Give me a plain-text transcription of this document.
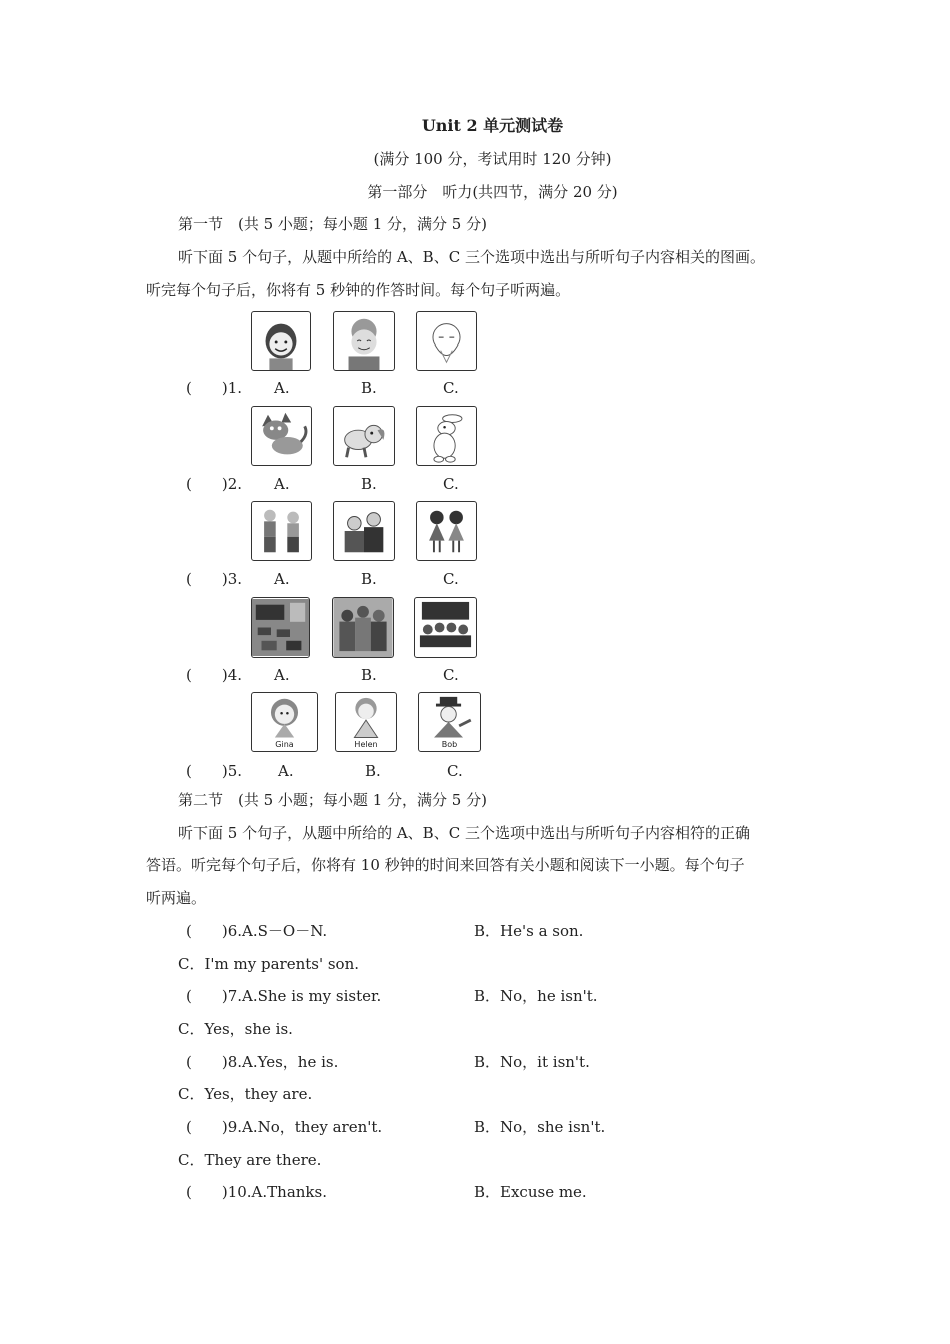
Unit 2 单元测试卷
(满分 100 分，考试用时 120 分钟)
第一部分　听力(共四节，满分 20 分)
第一节　(共 5 小题；每小题 1 分，满分 5 分)
听下面 5 个句子，从题中所给的 A、B、C 三个选项中选出与所听句子内容相关的图画。
听完每个句子后，你将有 5 秒钟的作答时间。每个句子听两遍。
(　　)1. A.	B.	C.
(　　)2. A.	B.	C.
(　　)3. A.	B.	C.
(　　)4. A.	B.	C.
Gina	Helen	Bob
(　　)5. A.	B.	C.
第二节　(共 5 小题；每小题 1 分，满分 5 分)
听下面 5 个句子，从题中所给的 A、B、C 三个选项中选出与所听句子内容相符的正确
答语。听完每个句子后，你将有 10 秒钟的时间来回答有关小题和阅读下一小题。每个句子
听两遍。
(　　)6.A.S－O－N.	B．He's a son.
C．I'm my parents' son.
(　　)7.A.She is my sister.	B．No，he isn't.
C．Yes，she is.
(　　)8.A.Yes，he is.	B．No，it isn't.
C．Yes，they are.
(　　)9.A.No，they aren't.	B．No，she isn't.
C．They are there.
(　　)10.A.Thanks.	B．Excuse me.
